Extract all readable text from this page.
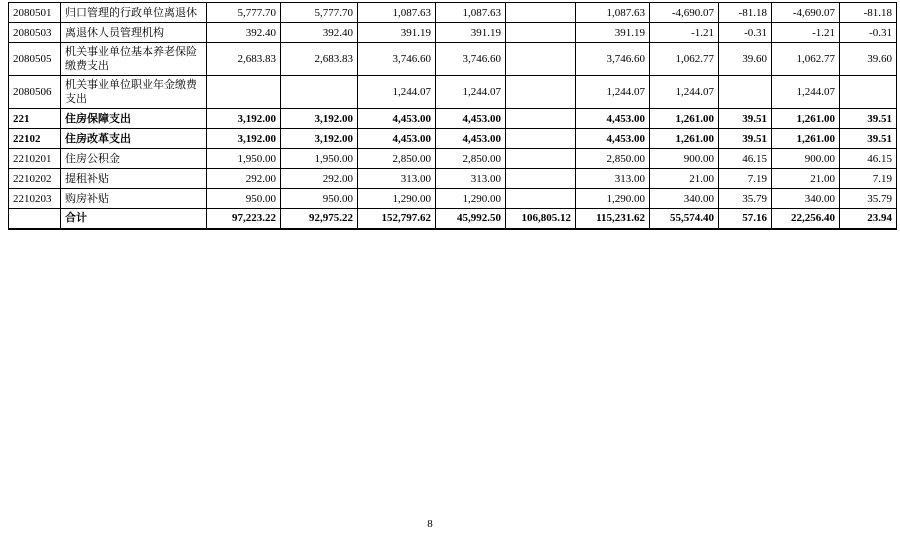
2080501	归口管理的行政单位离退休	5,777.70	5,777.70	1,087.63	1,087.63		1,087.63	-4,690.07	-81.18	-4,690.07	-81.18
2080503	离退休人员管理机构	392.40	392.40	391.19	391.19		391.19	-1.21	-0.31	-1.21	-0.31
2080505	机关事业单位基本养老保险缴费支出	2,683.83	2,683.83	3,746.60	3,746.60		3,746.60	1,062.77	39.60	1,062.77	39.60
2080506	机关事业单位职业年金缴费支出			1,244.07	1,244.07		1,244.07	1,244.07		1,244.07	
221	住房保障支出	3,192.00	3,192.00	4,453.00	4,453.00		4,453.00	1,261.00	39.51	1,261.00	39.51
22102	住房改革支出	3,192.00	3,192.00	4,453.00	4,453.00		4,453.00	1,261.00	39.51	1,261.00	39.51
2210201	住房公积金	1,950.00	1,950.00	2,850.00	2,850.00		2,850.00	900.00	46.15	900.00	46.15
2210202	提租补贴	292.00	292.00	313.00	313.00		313.00	21.00	7.19	21.00	7.19
2210203	购房补贴	950.00	950.00	1,290.00	1,290.00		1,290.00	340.00	35.79	340.00	35.79
	合计	97,223.22	92,975.22	152,797.62	45,992.50	106,805.12	115,231.62	55,574.40	57.16	22,256.40	23.94
8
